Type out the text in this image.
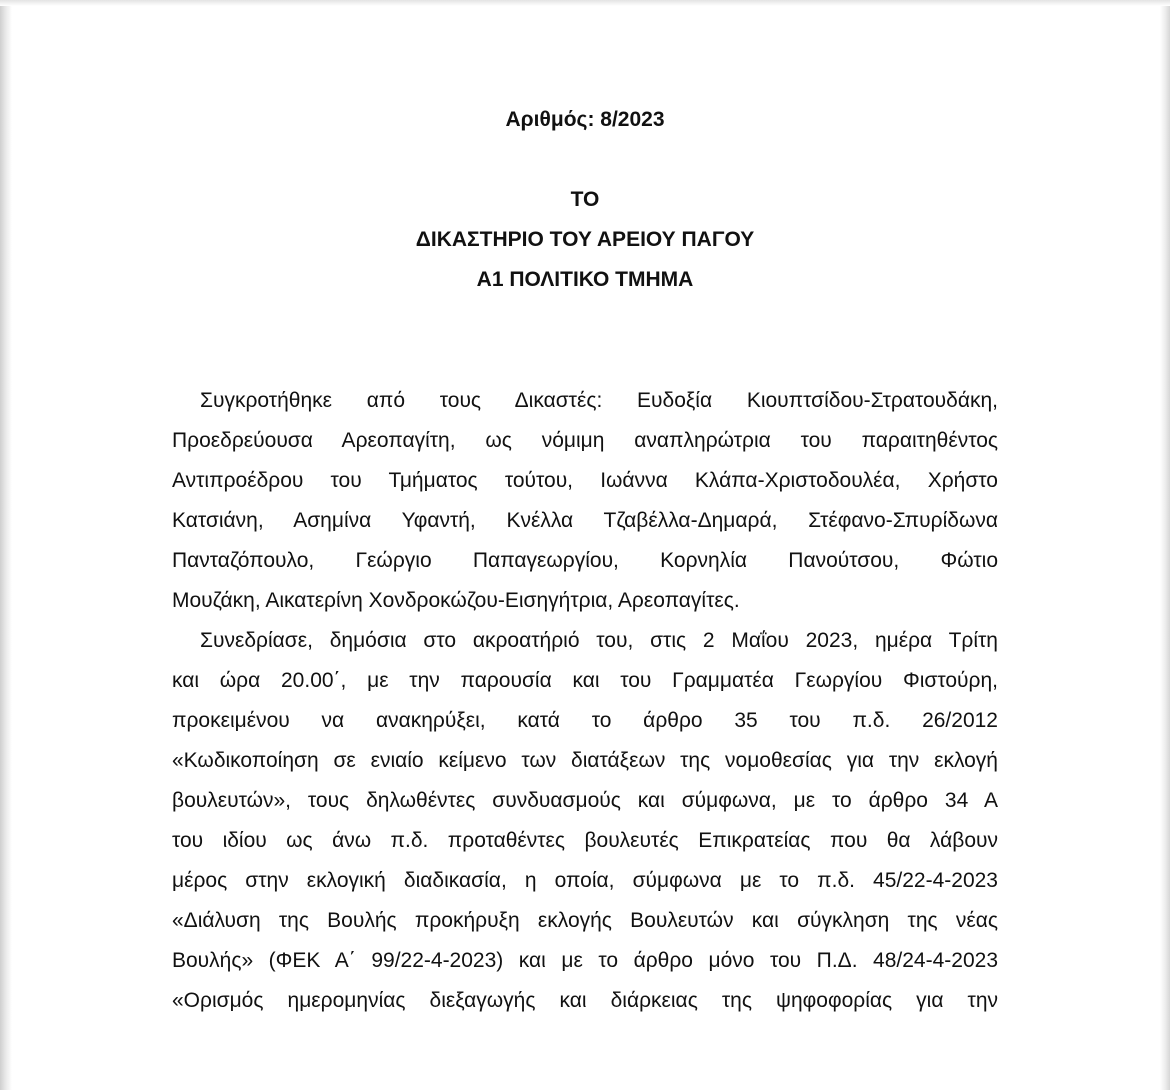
Αριθμός: 8/2023
ΤΟ
ΔΙΚΑΣΤΗΡΙΟ ΤΟΥ ΑΡΕΙΟΥ ΠΑΓΟΥ
Α1 ΠΟΛΙΤΙΚΟ ΤΜΗΜΑ
Συγκροτήθηκε από τους Δικαστές: Ευδοξία Κιουπτσίδου-Στρατουδάκη,
Προεδρεύουσα Αρεοπαγίτη, ως νόμιμη αναπληρώτρια του παραιτηθέντος
Αντιπροέδρου του Τμήματος τούτου, Ιωάννα Κλάπα-Χριστοδουλέα, Χρήστο
Κατσιάνη, Ασημίνα Υφαντή, Κνέλλα Τζαβέλλα-Δημαρά, Στέφανο-Σπυρίδωνα
Πανταζόπουλο, Γεώργιο Παπαγεωργίου, Κορνηλία Πανούτσου, Φώτιο
Μουζάκη, Αικατερίνη Χονδροκώζου-Εισηγήτρια, Αρεοπαγίτες.
Συνεδρίασε, δημόσια στο ακροατήριό του, στις 2 Μαΐου 2023, ημέρα Τρίτη
και ώρα 20.00΄, με την παρουσία και του Γραμματέα Γεωργίου Φιστούρη,
προκειμένου να ανακηρύξει, κατά το άρθρο 35 του π.δ. 26/2012
«Κωδικοποίηση σε ενιαίο κείμενο των διατάξεων της νομοθεσίας για την εκλογή
βουλευτών», τους δηλωθέντες συνδυασμούς και σύμφωνα, με το άρθρο 34 Α
του ιδίου ως άνω π.δ. προταθέντες βουλευτές Επικρατείας που θα λάβουν
μέρος στην εκλογική διαδικασία, η οποία, σύμφωνα με το π.δ. 45/22-4-2023
«Διάλυση της Βουλής προκήρυξη εκλογής Βουλευτών και σύγκληση της νέας
Βουλής» (ΦΕΚ Α΄ 99/22-4-2023) και με το άρθρο μόνο του Π.Δ. 48/24-4-2023
«Ορισμός ημερομηνίας διεξαγωγής και διάρκειας της ψηφοφορίας για την
